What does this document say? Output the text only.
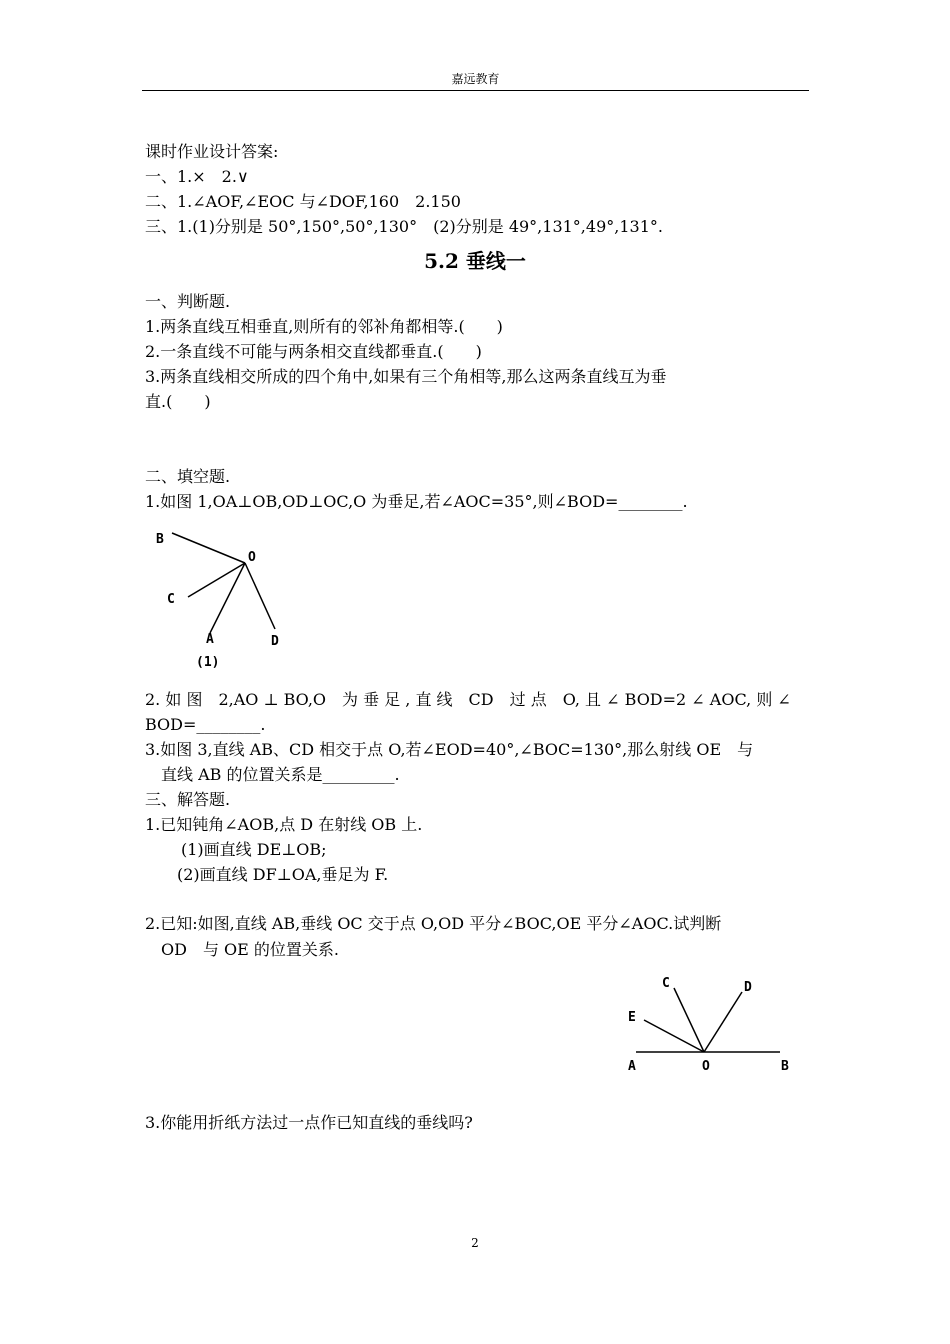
嘉远教育
课时作业设计答案:
一、1.×　2.∨
二、1.∠AOF,∠EOC 与∠DOF,160　2.150
三、1.(1)分别是 50°,150°,50°,130°　(2)分别是 49°,131°,49°,131°.
5.2 垂线一
一、判断题.
1.两条直线互相垂直,则所有的邻补角都相等.(　　)
2.一条直线不可能与两条相交直线都垂直.(　　)
3.两条直线相交所成的四个角中,如果有三个角相等,那么这两条直线互为垂
直.(　　)
二、填空题.
1.如图 1,OA⊥OB,OD⊥OC,O 为垂足,若∠AOC=35°,则∠BOD=________.
B
O
C
A	D
(1)
2. 如 图　2,AO ⊥ BO,O　为 垂 足 , 直 线　CD　过 点　O, 且 ∠ BOD=2 ∠ AOC, 则 ∠
BOD=________.
3.如图 3,直线 AB、CD 相交于点 O,若∠EOD=40°,∠BOC=130°,那么射线 OE　与
直线 AB 的位置关系是_________.
三、解答题.
1.已知钝角∠AOB,点 D 在射线 OB 上.
(1)画直线 DE⊥OB;
(2)画直线 DF⊥OA,垂足为 F.
2.已知:如图,直线 AB,垂线 OC 交于点 O,OD 平分∠BOC,OE 平分∠AOC.试判断
OD　与 OE 的位置关系.
C	D
E
A	O	B
3.你能用折纸方法过一点作已知直线的垂线吗?
2
